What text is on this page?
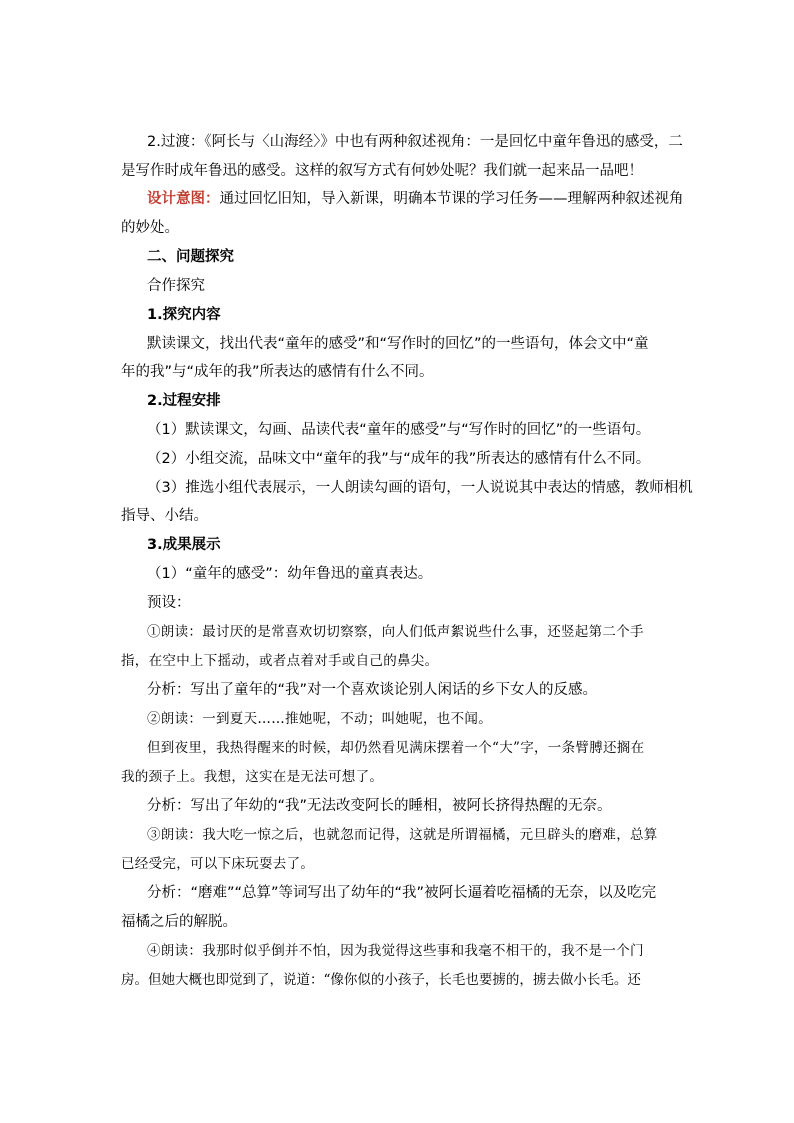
2.过渡：《阿长与〈山海经〉》中也有两种叙述视角：一是回忆中童年鲁迅的感受，二

是写作时成年鲁迅的感受。这样的叙写方式有何妙处呢？我们就一起来品一品吧！

设计意图：通过回忆旧知，导入新课，明确本节课的学习任务——理解两种叙述视角

的妙处。

二、问题探究

合作探究

1.探究内容

默读课文，找出代表“童年的感受”和“写作时的回忆”的一些语句，体会文中“童

年的我”与“成年的我”所表达的感情有什么不同。

2.过程安排

（1）默读课文，勾画、品读代表“童年的感受”与“写作时的回忆”的一些语句。

（2）小组交流，品味文中“童年的我”与“成年的我”所表达的感情有什么不同。

（3）推选小组代表展示，一人朗读勾画的语句，一人说说其中表达的情感，教师相机

指导、小结。

3.成果展示

（1）“童年的感受”：幼年鲁迅的童真表达。

预设：

①朗读：最讨厌的是常喜欢切切察察，向人们低声絮说些什么事，还竖起第二个手

指，在空中上下摇动，或者点着对手或自己的鼻尖。

分析：写出了童年的“我”对一个喜欢谈论别人闲话的乡下女人的反感。

②朗读：一到夏天……推她呢，不动；叫她呢，也不闻。

但到夜里，我热得醒来的时候，却仍然看见满床摆着一个“大”字，一条臂膊还搁在

我的颈子上。我想，这实在是无法可想了。

分析：写出了年幼的“我”无法改变阿长的睡相，被阿长挤得热醒的无奈。

③朗读：我大吃一惊之后，也就忽而记得，这就是所谓福橘，元旦辟头的磨难，总算

已经受完，可以下床玩耍去了。

分析：“磨难”“总算”等词写出了幼年的“我”被阿长逼着吃福橘的无奈，以及吃完

福橘之后的解脱。

④朗读：我那时似乎倒并不怕，因为我觉得这些事和我毫不相干的，我不是一个门

房。但她大概也即觉到了，说道：“像你似的小孩子，长毛也要掳的，掳去做小长毛。还
